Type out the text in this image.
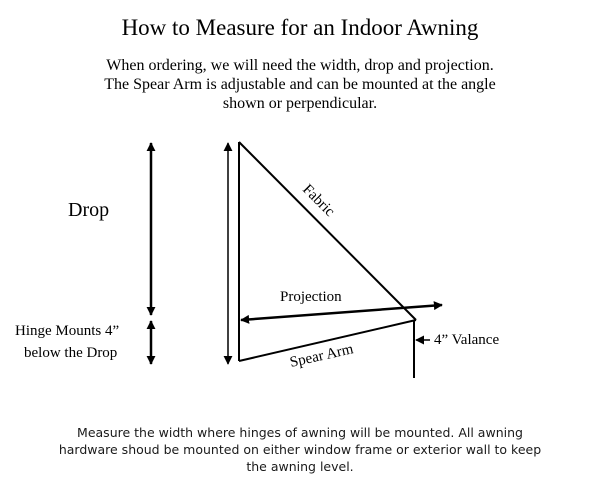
How to Measure for an Indoor Awning
When ordering, we will need the width, drop and projection.
The Spear Arm is adjustable and can be mounted at the angle
shown or perpendicular.
Drop
Hinge Mounts 4”
below the Drop
Fabric
Projection
Spear Arm
4” Valance
Measure the width where hinges of awning will be mounted. All awning
hardware shoud be mounted on either window frame or exterior wall to keep
the awning level.
